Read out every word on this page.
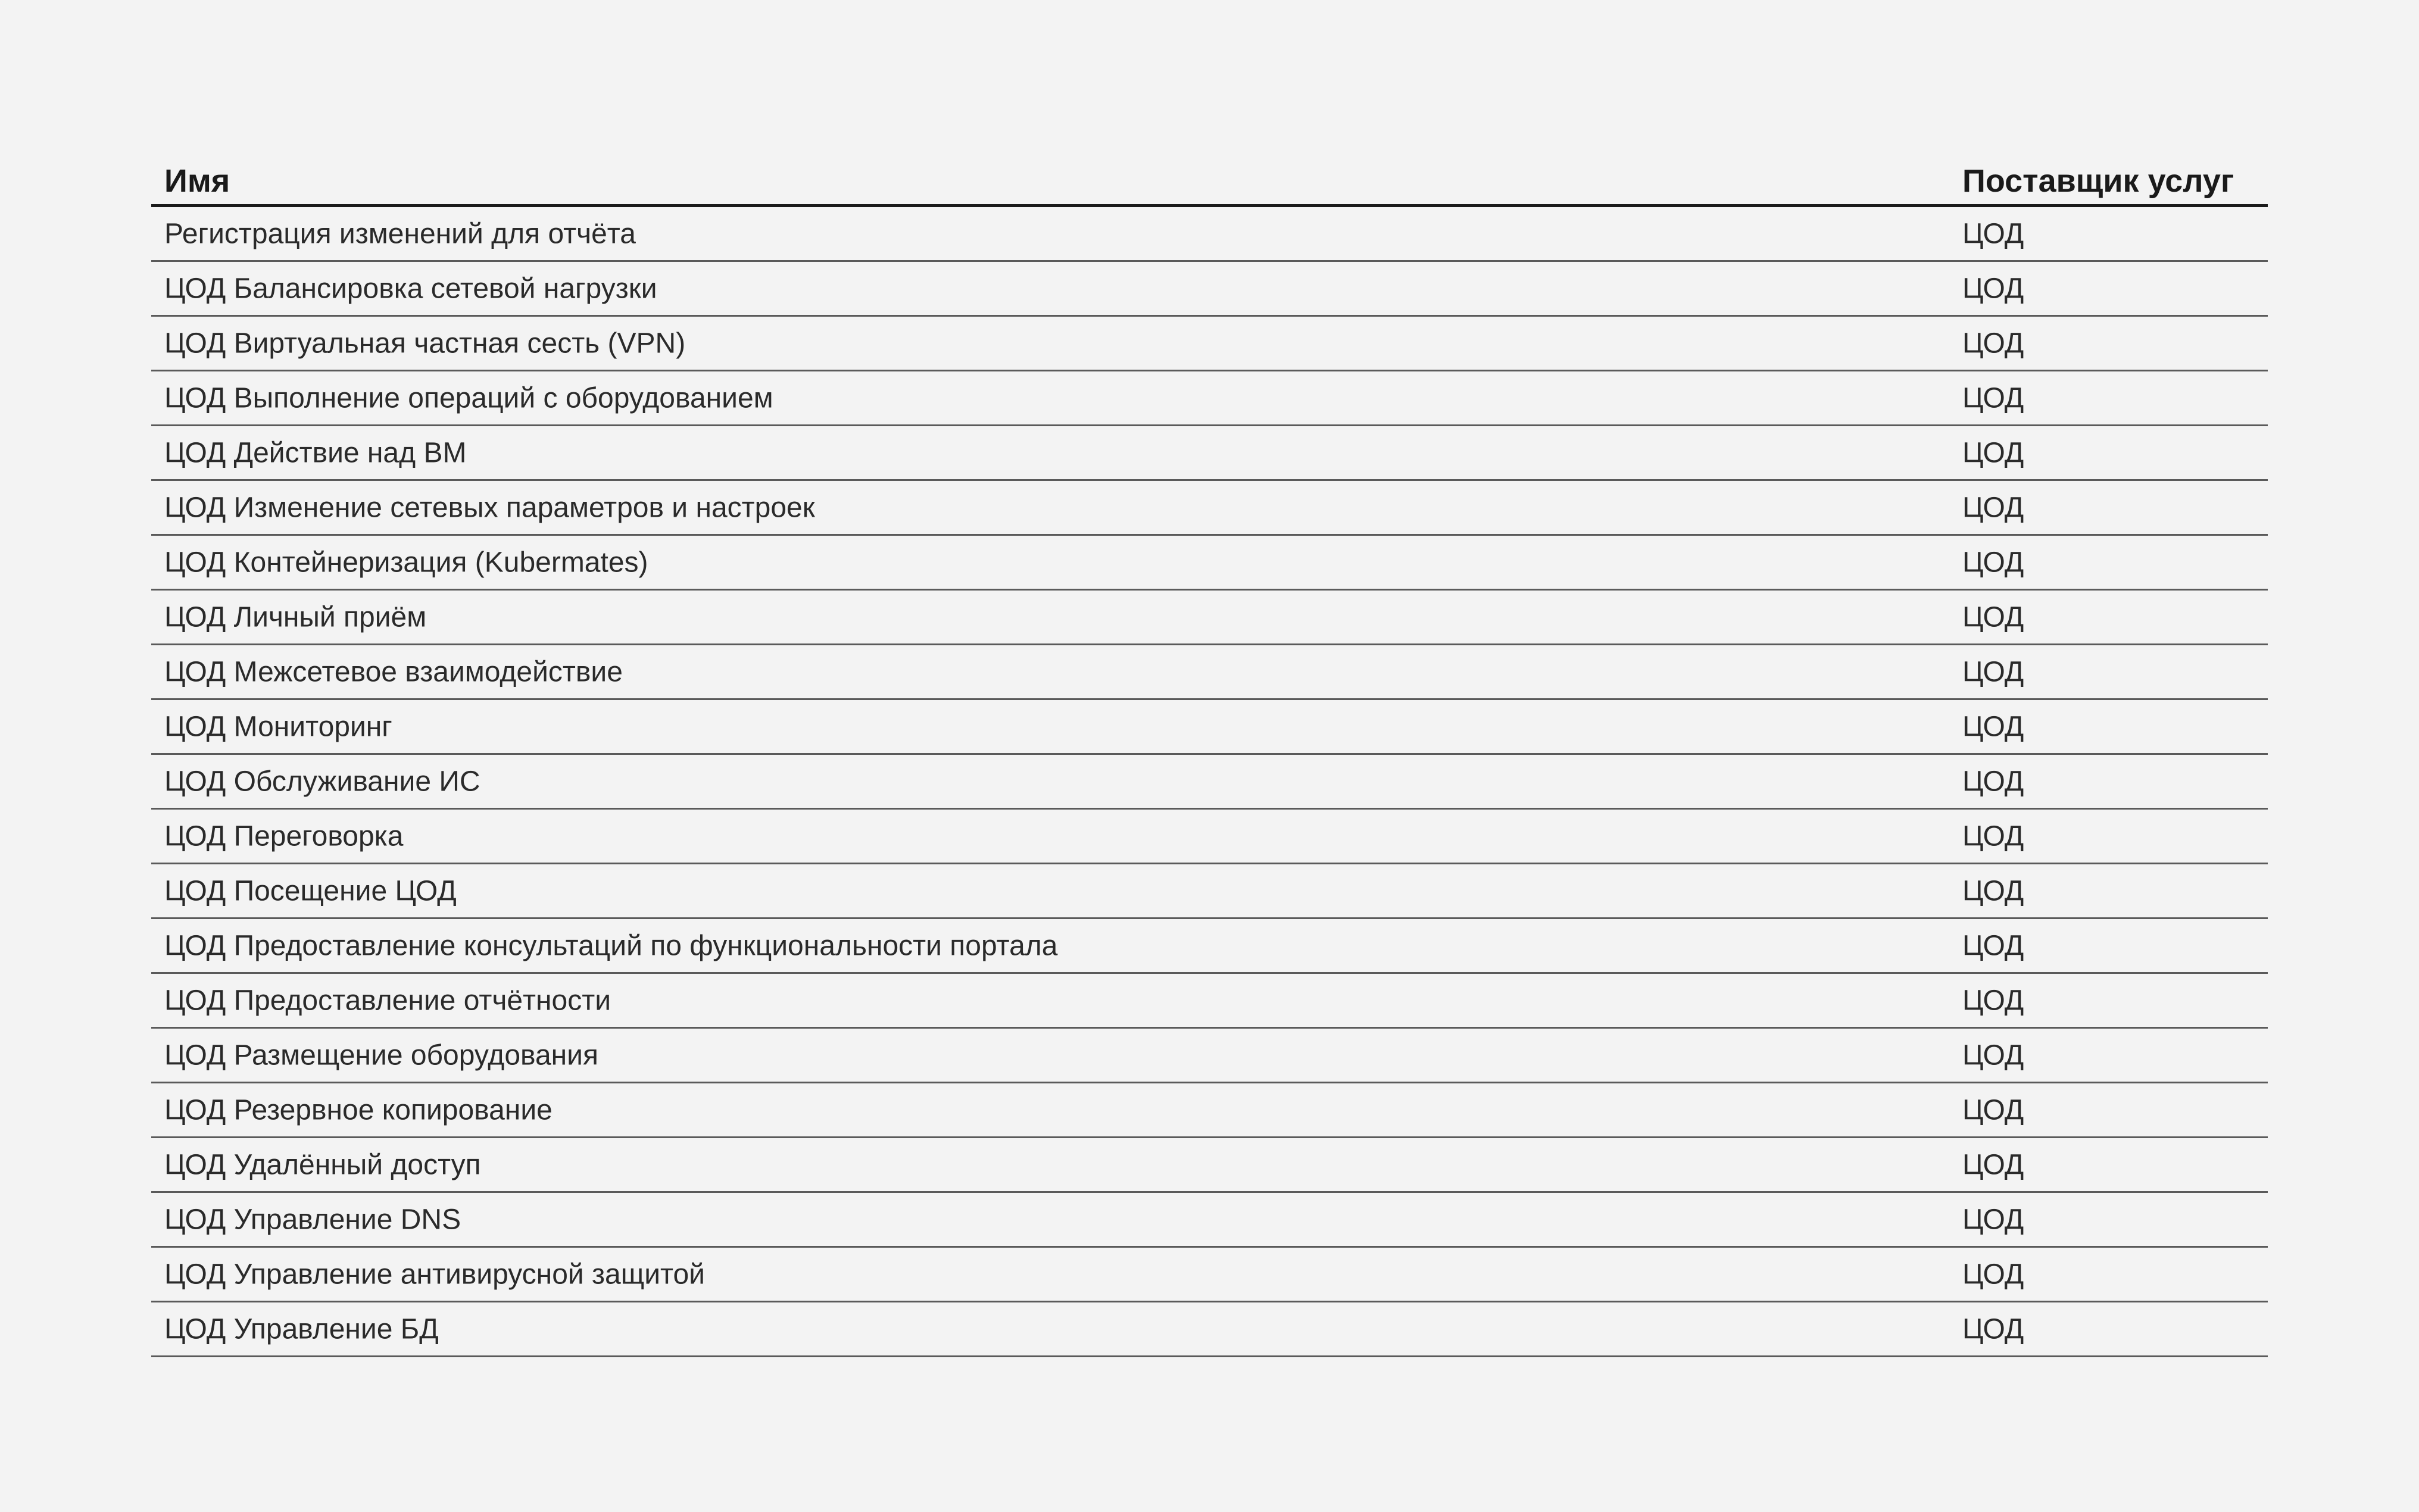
Имя	Поставщик услуг
Регистрация изменений для отчёта	ЦОД
ЦОД Балансировка сетевой нагрузки	ЦОД
ЦОД Виртуальная частная сесть (VPN)	ЦОД
ЦОД Выполнение операций с оборудованием	ЦОД
ЦОД Действие над ВМ	ЦОД
ЦОД Изменение сетевых параметров и настроек	ЦОД
ЦОД Контейнеризация (Kubermates)	ЦОД
ЦОД Личный приём	ЦОД
ЦОД Межсетевое взаимодействие	ЦОД
ЦОД Мониторинг	ЦОД
ЦОД Обслуживание ИС	ЦОД
ЦОД Переговорка	ЦОД
ЦОД Посещение ЦОД	ЦОД
ЦОД Предоставление консультаций по функциональности портала	ЦОД
ЦОД Предоставление отчётности	ЦОД
ЦОД Размещение оборудования	ЦОД
ЦОД Резервное копирование	ЦОД
ЦОД Удалённый доступ	ЦОД
ЦОД Управление DNS	ЦОД
ЦОД Управление антивирусной защитой	ЦОД
ЦОД Управление БД	ЦОД
